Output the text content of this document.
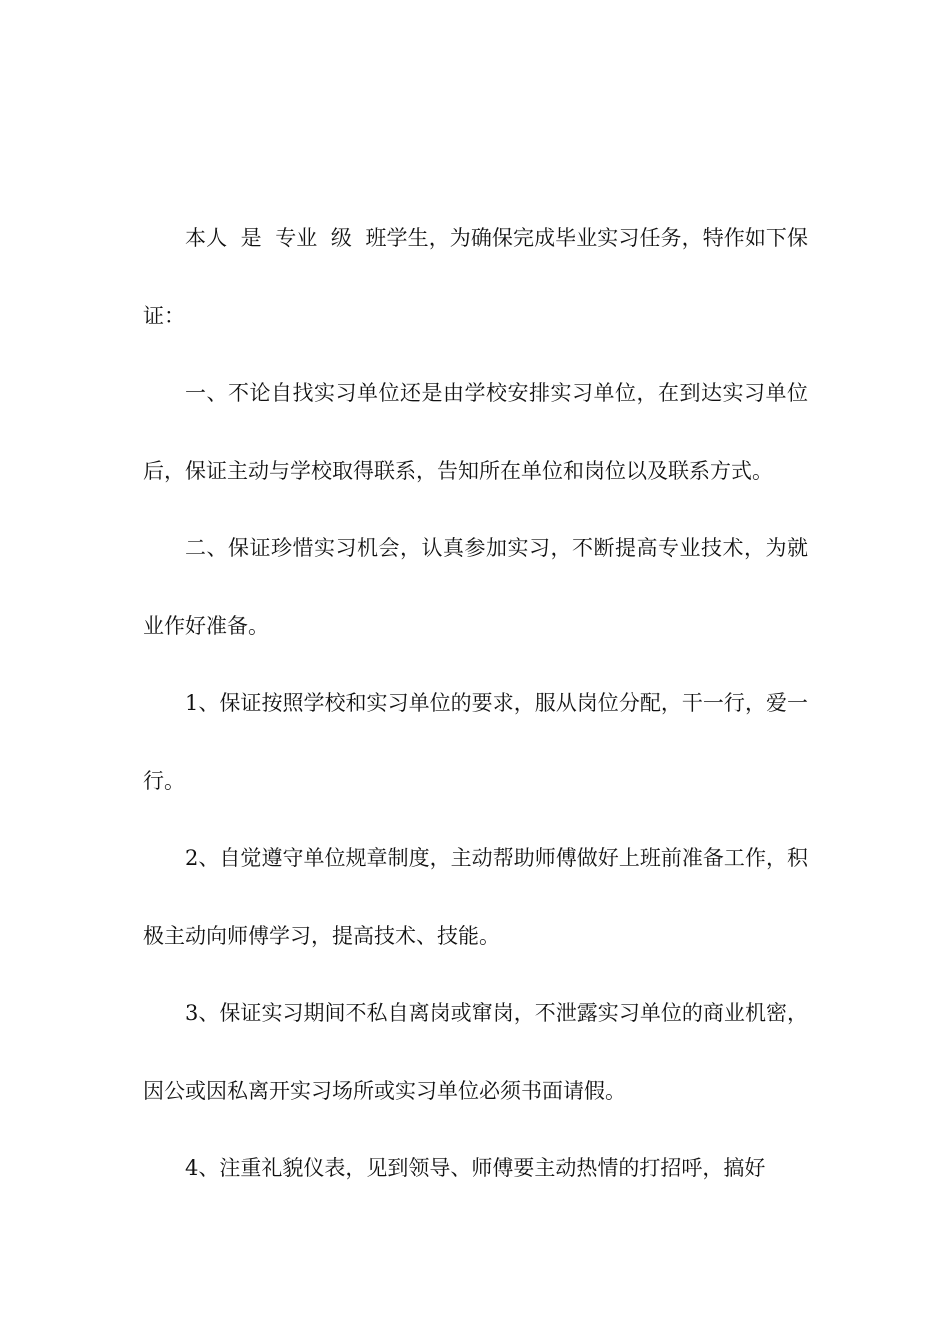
本人  是  专业  级  班学生，为确保完成毕业实习任务，特作如下保证：

一、不论自找实习单位还是由学校安排实习单位，在到达实习单位后，保证主动与学校取得联系，告知所在单位和岗位以及联系方式。

二、保证珍惜实习机会，认真参加实习，不断提高专业技术，为就业作好准备。

1、保证按照学校和实习单位的要求，服从岗位分配，干一行，爱一行。

2、自觉遵守单位规章制度，主动帮助师傅做好上班前准备工作，积极主动向师傅学习，提高技术、技能。

3、保证实习期间不私自离岗或窜岗，不泄露实习单位的商业机密，因公或因私离开实习场所或实习单位必须书面请假。

4、注重礼貌仪表，见到领导、师傅要主动热情的打招呼，搞好
